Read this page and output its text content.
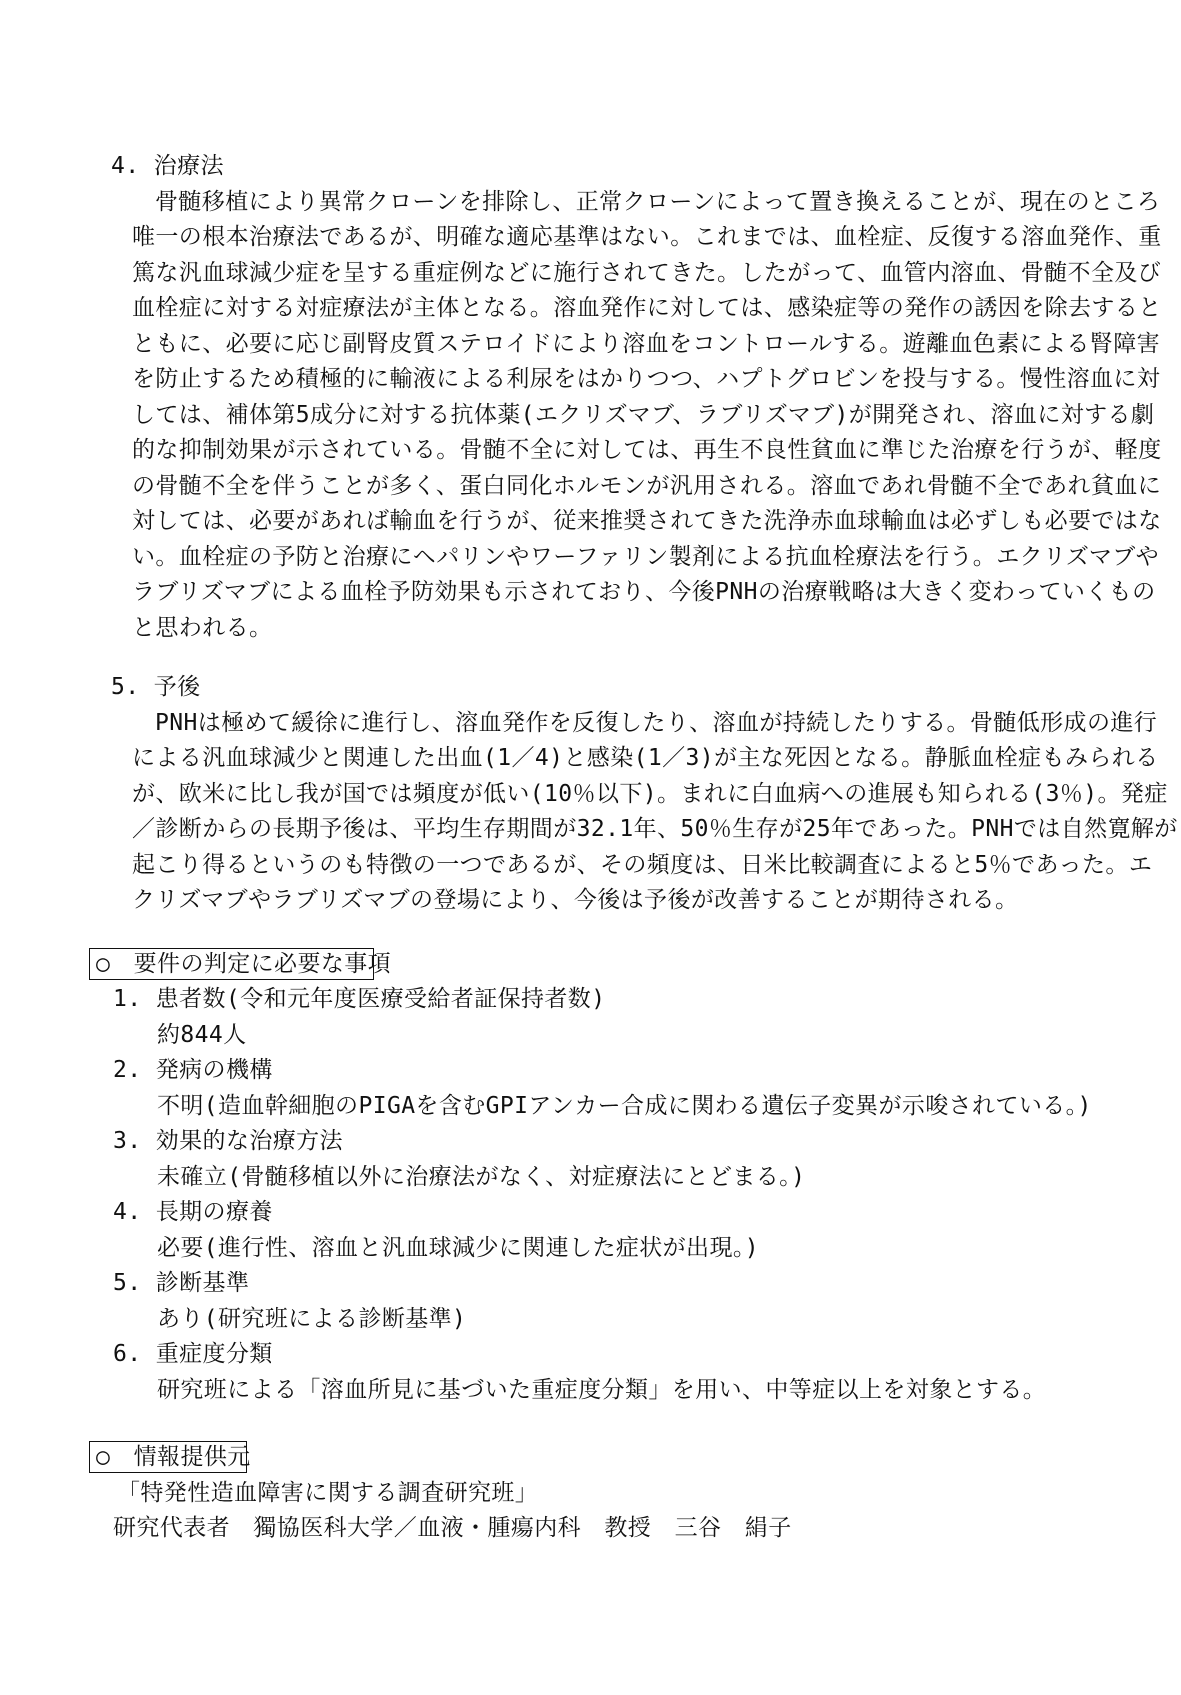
4. 治療法
骨髄移植により異常クローンを排除し、正常クローンによって置き換えることが、現在のところ
唯一の根本治療法であるが、明確な適応基準はない。これまでは、血栓症、反復する溶血発作、重
篤な汎血球減少症を呈する重症例などに施行されてきた。したがって、血管内溶血、骨髄不全及び
血栓症に対する対症療法が主体となる。溶血発作に対しては、感染症等の発作の誘因を除去すると
ともに、必要に応じ副腎皮質ステロイドにより溶血をコントロールする。遊離血色素による腎障害
を防止するため積極的に輸液による利尿をはかりつつ、ハプトグロビンを投与する。慢性溶血に対
しては、補体第5成分に対する抗体薬(エクリズマブ、ラブリズマブ)が開発され、溶血に対する劇
的な抑制効果が示されている。骨髄不全に対しては、再生不良性貧血に準じた治療を行うが、軽度
の骨髄不全を伴うことが多く、蛋白同化ホルモンが汎用される。溶血であれ骨髄不全であれ貧血に
対しては、必要があれば輸血を行うが、従来推奨されてきた洗浄赤血球輸血は必ずしも必要ではな
い。血栓症の予防と治療にヘパリンやワーファリン製剤による抗血栓療法を行う。エクリズマブや
ラブリズマブによる血栓予防効果も示されており、今後PNHの治療戦略は大きく変わっていくもの
と思われる。
5. 予後
PNHは極めて緩徐に進行し、溶血発作を反復したり、溶血が持続したりする。骨髄低形成の進行
による汎血球減少と関連した出血(1／4)と感染(1／3)が主な死因となる。静脈血栓症もみられる
が、欧米に比し我が国では頻度が低い(10％以下)。まれに白血病への進展も知られる(3％)。発症
／診断からの長期予後は、平均生存期間が32.1年、50％生存が25年であった。PNHでは自然寛解が
起こり得るというのも特徴の一つであるが、その頻度は、日米比較調査によると5％であった。エ
クリズマブやラブリズマブの登場により、今後は予後が改善することが期待される。
○　要件の判定に必要な事項
1. 患者数(令和元年度医療受給者証保持者数)
約844人
2. 発病の機構
不明(造血幹細胞のPIGAを含むGPIアンカー合成に関わる遺伝子変異が示唆されている。)
3. 効果的な治療方法
未確立(骨髄移植以外に治療法がなく、対症療法にとどまる。)
4. 長期の療養
必要(進行性、溶血と汎血球減少に関連した症状が出現。)
5. 診断基準
あり(研究班による診断基準)
6. 重症度分類
研究班による「溶血所見に基づいた重症度分類」を用い、中等症以上を対象とする。
○　情報提供元
「特発性造血障害に関する調査研究班」
研究代表者　獨協医科大学／血液・腫瘍内科　教授　三谷　絹子
